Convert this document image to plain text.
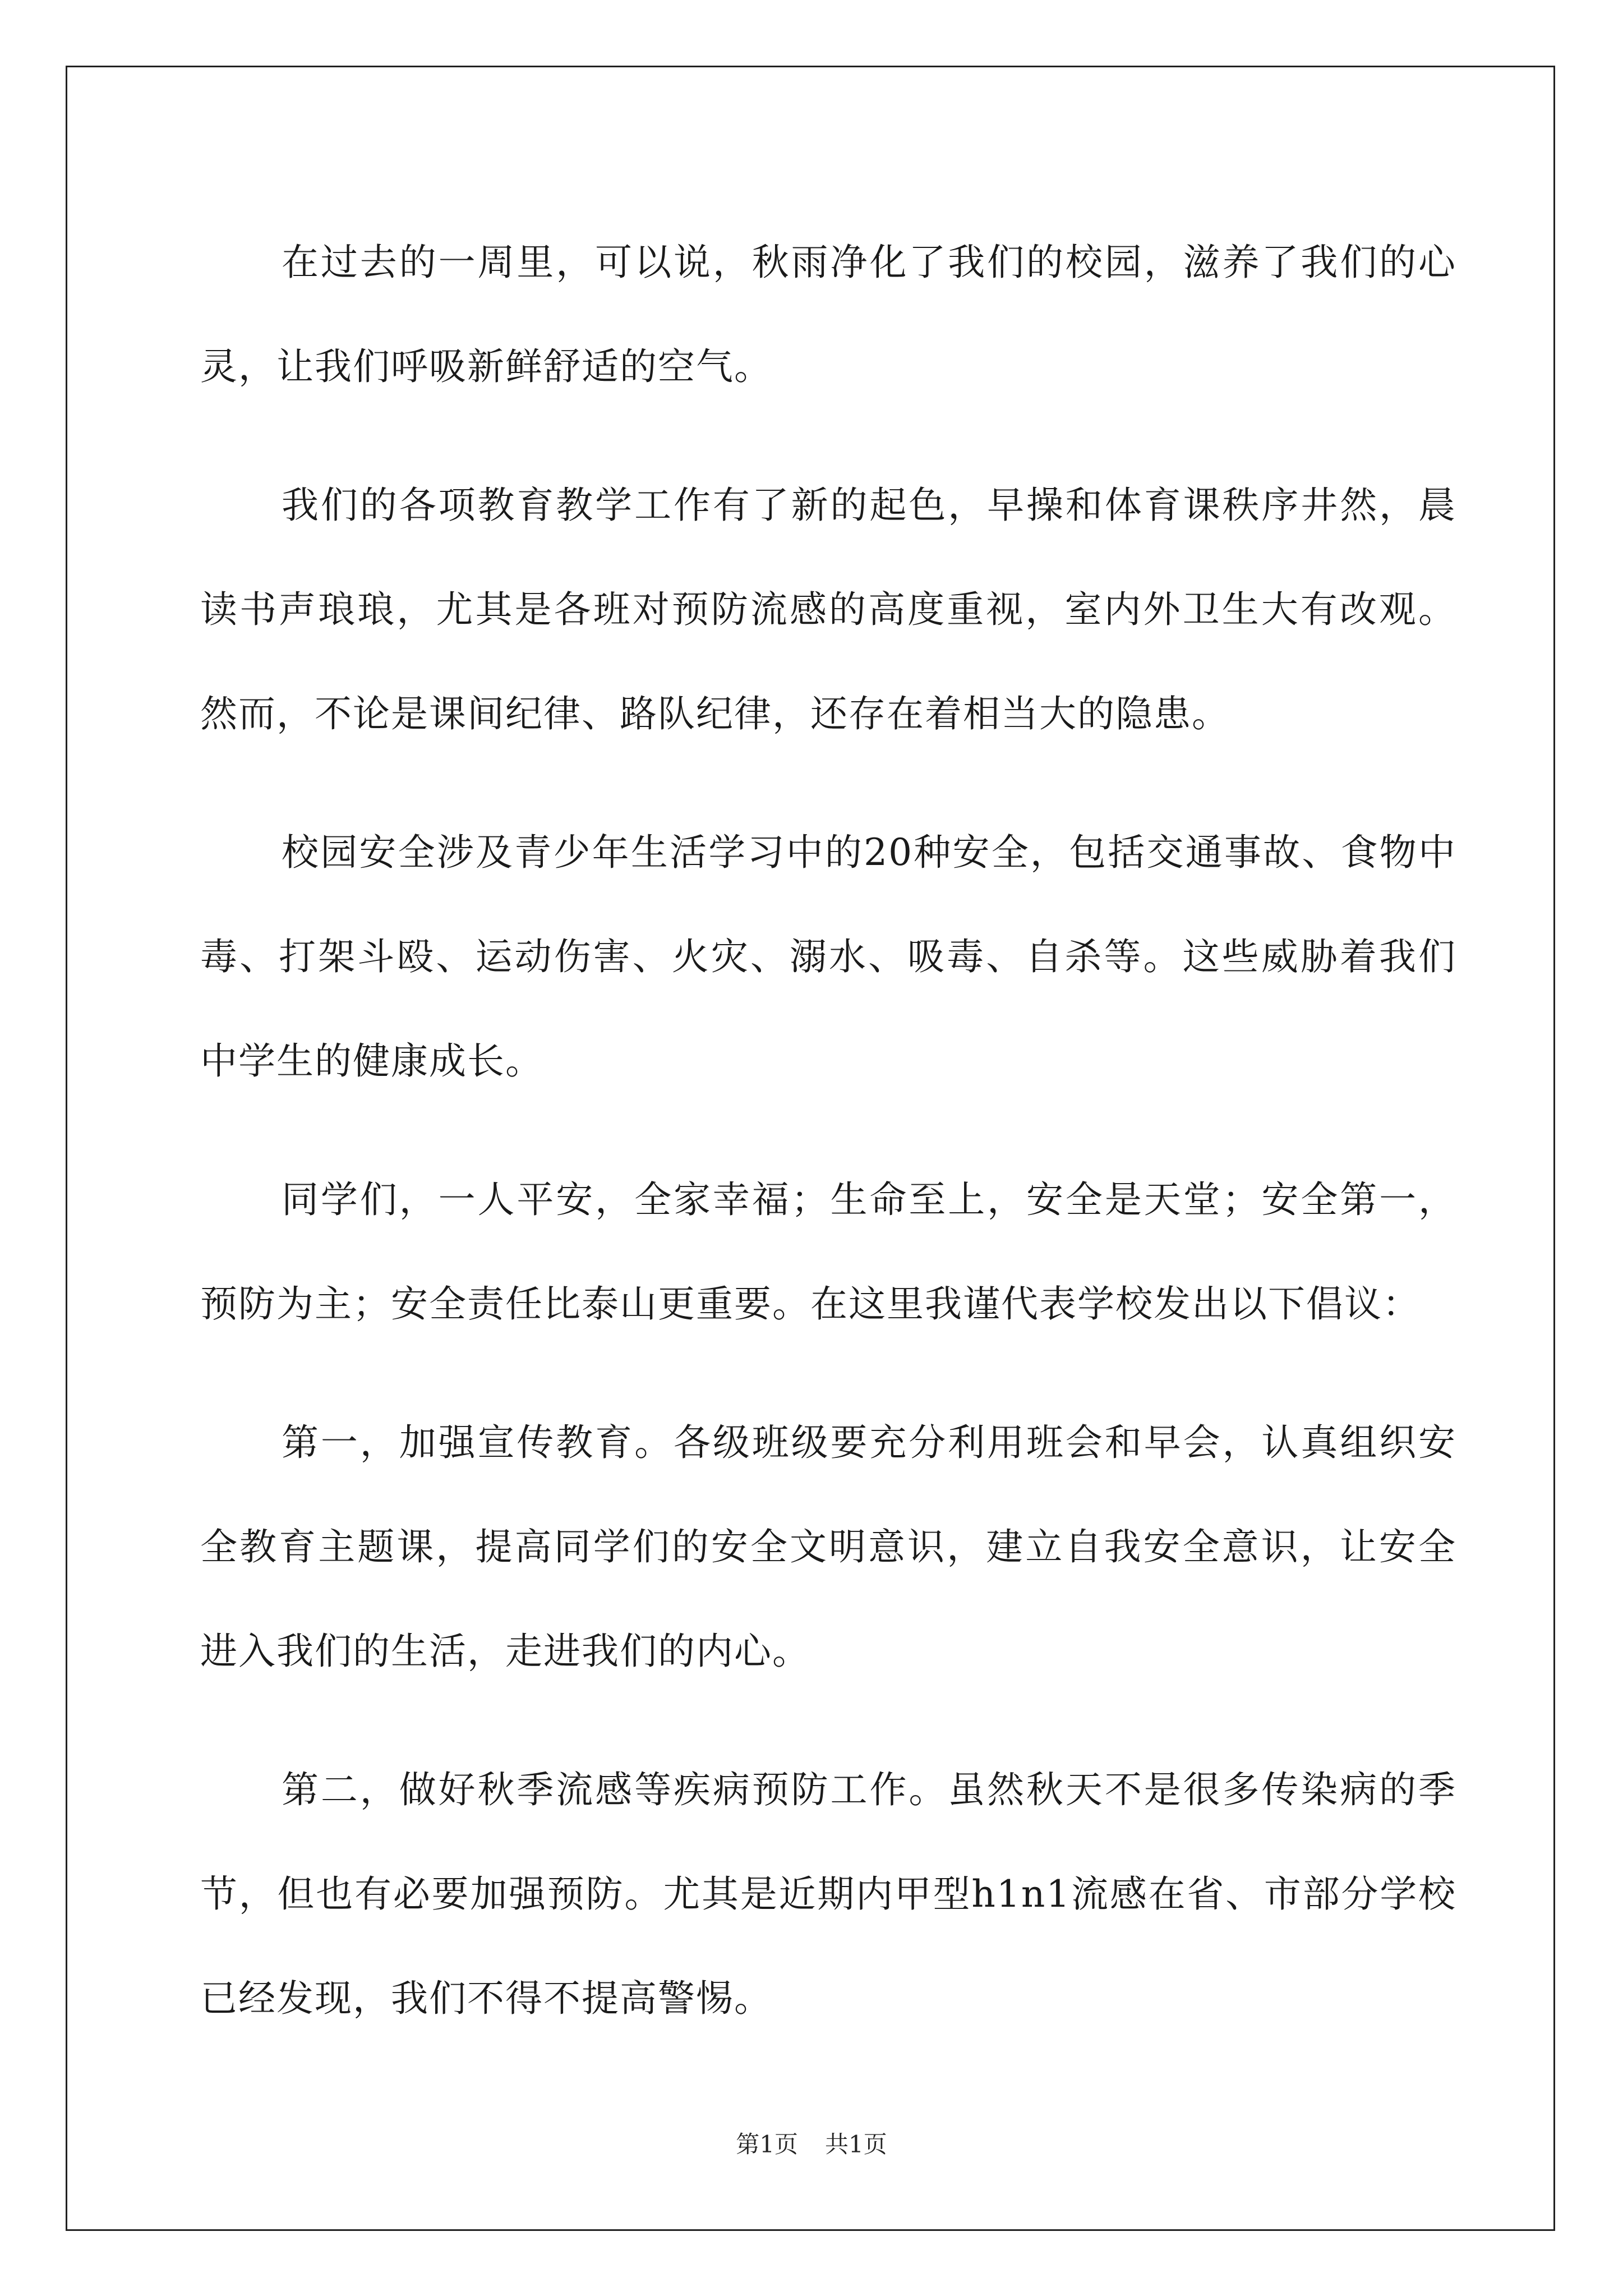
在过去的一周里，可以说，秋雨净化了我们的校园，滋养了我们的心灵，让我们呼吸新鲜舒适的空气。

我们的各项教育教学工作有了新的起色，早操和体育课秩序井然，晨读书声琅琅，尤其是各班对预防流感的高度重视，室内外卫生大有改观。然而，不论是课间纪律、路队纪律，还存在着相当大的隐患。

校园安全涉及青少年生活学习中的20种安全，包括交通事故、食物中毒、打架斗殴、运动伤害、火灾、溺水、吸毒、自杀等。这些威胁着我们中学生的健康成长。

同学们，一人平安，全家幸福；生命至上，安全是天堂；安全第一，预防为主；安全责任比泰山更重要。在这里我谨代表学校发出以下倡议：

第一，加强宣传教育。各级班级要充分利用班会和早会，认真组织安全教育主题课，提高同学们的安全文明意识，建立自我安全意识，让安全进入我们的生活，走进我们的内心。

第二，做好秋季流感等疾病预防工作。虽然秋天不是很多传染病的季节，但也有必要加强预防。尤其是近期内甲型h1n1流感在省、市部分学校已经发现，我们不得不提高警惕。

第1页 共1页
